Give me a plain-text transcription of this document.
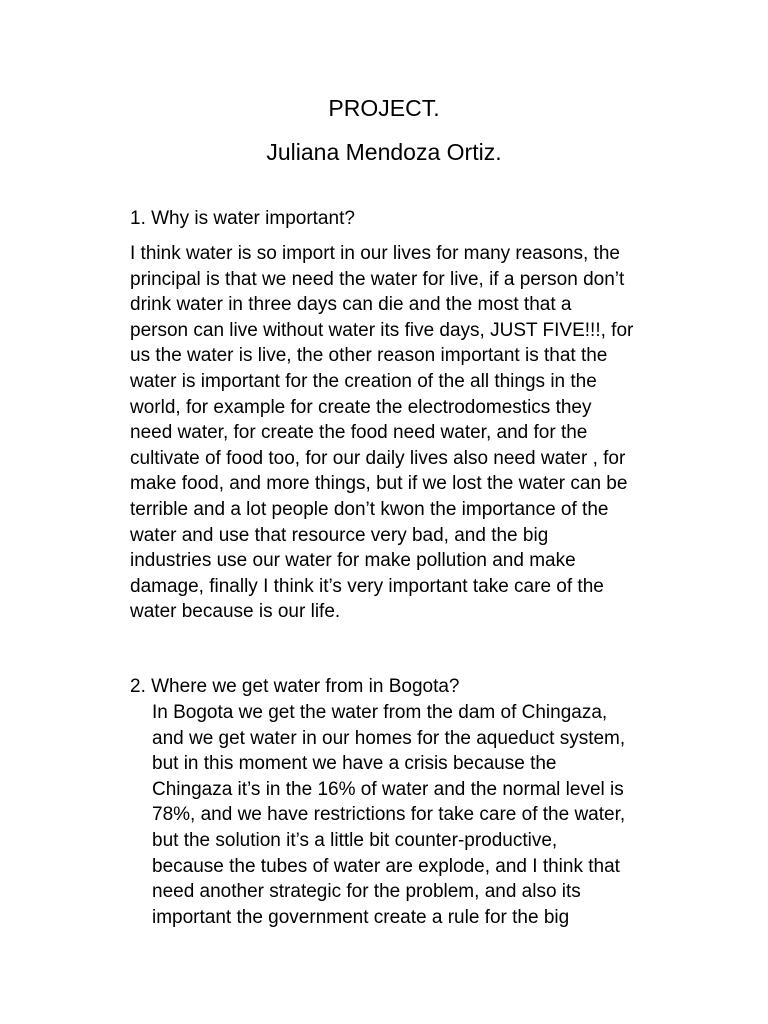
PROJECT.
Juliana Mendoza Ortiz.

1. Why is water important?

I think water is so import in our lives for many reasons, the
principal is that we need the water for live, if a person don’t
drink water in three days can die and the most that a
person can live without water its five days, JUST FIVE!!!, for
us the water is live, the other reason important is that the
water is important for the creation of the all things in the
world, for example for create the electrodomestics they
need water, for create the food need water, and for the
cultivate of food too, for our daily lives also need water , for
make food, and more things, but if we lost the water can be
terrible and a lot people don’t kwon the importance of the
water and use that resource very bad, and the big
industries use our water for make pollution and make
damage, finally I think it’s very important take care of the
water because is our life.

2. Where we get water from in Bogota?

In Bogota we get the water from the dam of Chingaza,
and we get water in our homes for the aqueduct system,
but in this moment we have a crisis because the
Chingaza it’s in the 16% of water and the normal level is
78%, and we have restrictions for take care of the water,
but the solution it’s a little bit counter-productive,
because the tubes of water are explode, and I think that
need another strategic for the problem, and also its
important the government create a rule for the big
